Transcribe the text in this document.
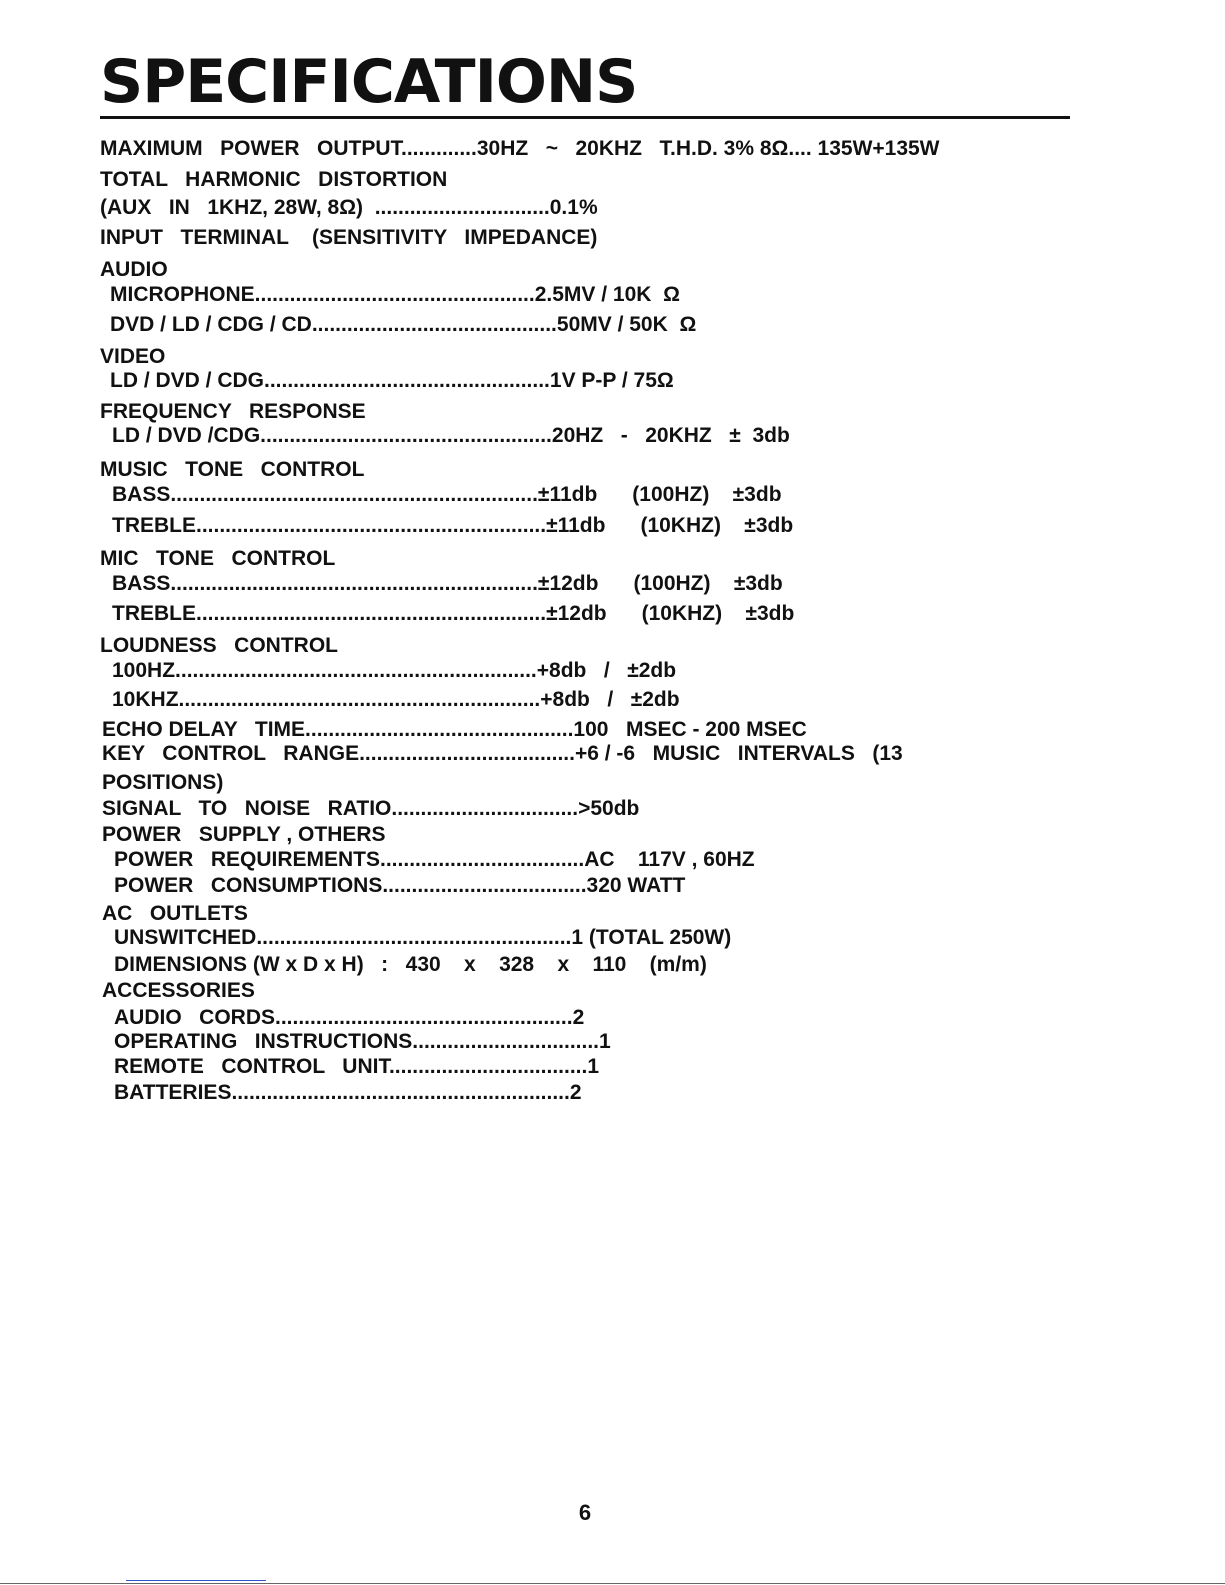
SPECIFICATIONS
MAXIMUM   POWER   OUTPUT.............30HZ   ~   20KHZ   T.H.D. 3% 8Ω.... 135W+135W
TOTAL   HARMONIC   DISTORTION
(AUX   IN   1KHZ, 28W, 8Ω)  ..............................0.1%
INPUT   TERMINAL    (SENSITIVITY   IMPEDANCE)
AUDIO
MICROPHONE................................................2.5MV / 10K  Ω
DVD / LD / CDG / CD..........................................50MV / 50K  Ω
VIDEO
LD / DVD / CDG.................................................1V P-P / 75Ω
FREQUENCY   RESPONSE
LD / DVD /CDG..................................................20HZ   -   20KHZ   ±  3db
MUSIC   TONE   CONTROL
BASS...............................................................±11db      (100HZ)    ±3db
TREBLE............................................................±11db      (10KHZ)    ±3db
MIC   TONE   CONTROL
BASS...............................................................±12db      (100HZ)    ±3db
TREBLE............................................................±12db      (10KHZ)    ±3db
LOUDNESS   CONTROL
100HZ..............................................................+8db   /   ±2db
10KHZ..............................................................+8db   /   ±2db
ECHO DELAY   TIME..............................................100   MSEC - 200 MSEC
KEY   CONTROL   RANGE.....................................+6 / -6   MUSIC   INTERVALS   (13
POSITIONS)
SIGNAL   TO   NOISE   RATIO................................>50db
POWER   SUPPLY , OTHERS
POWER   REQUIREMENTS...................................AC    117V , 60HZ
POWER   CONSUMPTIONS...................................320 WATT
AC   OUTLETS
UNSWITCHED......................................................1 (TOTAL 250W)
DIMENSIONS (W x D x H)   :   430    x    328    x    110    (m/m)
ACCESSORIES
AUDIO   CORDS...................................................2
OPERATING   INSTRUCTIONS................................1
REMOTE   CONTROL   UNIT..................................1
BATTERIES..........................................................2
6
